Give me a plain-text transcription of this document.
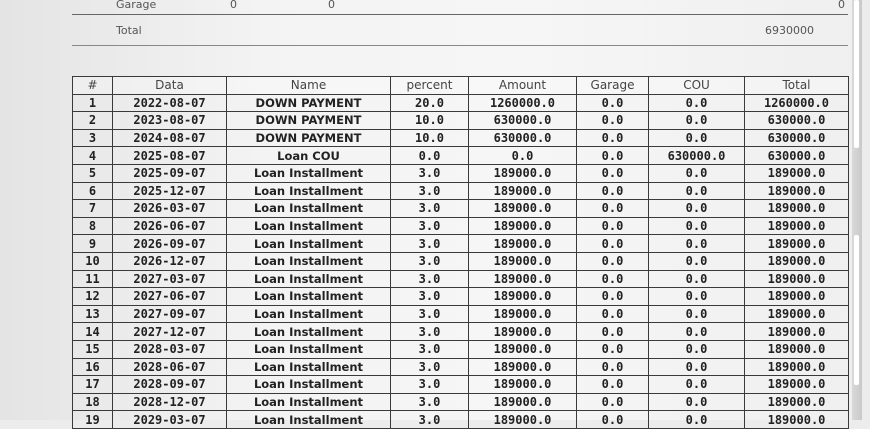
Garage	0	0	0
Total	6930000
#	Data	Name	percent	Amount	Garage	COU	Total
1	2022-08-07	DOWN PAYMENT	20.0	1260000.0	0.0	0.0	1260000.0
2	2023-08-07	DOWN PAYMENT	10.0	630000.0	0.0	0.0	630000.0
3	2024-08-07	DOWN PAYMENT	10.0	630000.0	0.0	0.0	630000.0
4	2025-08-07	Loan COU	0.0	0.0	0.0	630000.0	630000.0
5	2025-09-07	Loan Installment	3.0	189000.0	0.0	0.0	189000.0
6	2025-12-07	Loan Installment	3.0	189000.0	0.0	0.0	189000.0
7	2026-03-07	Loan Installment	3.0	189000.0	0.0	0.0	189000.0
8	2026-06-07	Loan Installment	3.0	189000.0	0.0	0.0	189000.0
9	2026-09-07	Loan Installment	3.0	189000.0	0.0	0.0	189000.0
10	2026-12-07	Loan Installment	3.0	189000.0	0.0	0.0	189000.0
11	2027-03-07	Loan Installment	3.0	189000.0	0.0	0.0	189000.0
12	2027-06-07	Loan Installment	3.0	189000.0	0.0	0.0	189000.0
13	2027-09-07	Loan Installment	3.0	189000.0	0.0	0.0	189000.0
14	2027-12-07	Loan Installment	3.0	189000.0	0.0	0.0	189000.0
15	2028-03-07	Loan Installment	3.0	189000.0	0.0	0.0	189000.0
16	2028-06-07	Loan Installment	3.0	189000.0	0.0	0.0	189000.0
17	2028-09-07	Loan Installment	3.0	189000.0	0.0	0.0	189000.0
18	2028-12-07	Loan Installment	3.0	189000.0	0.0	0.0	189000.0
19	2029-03-07	Loan Installment	3.0	189000.0	0.0	0.0	189000.0
